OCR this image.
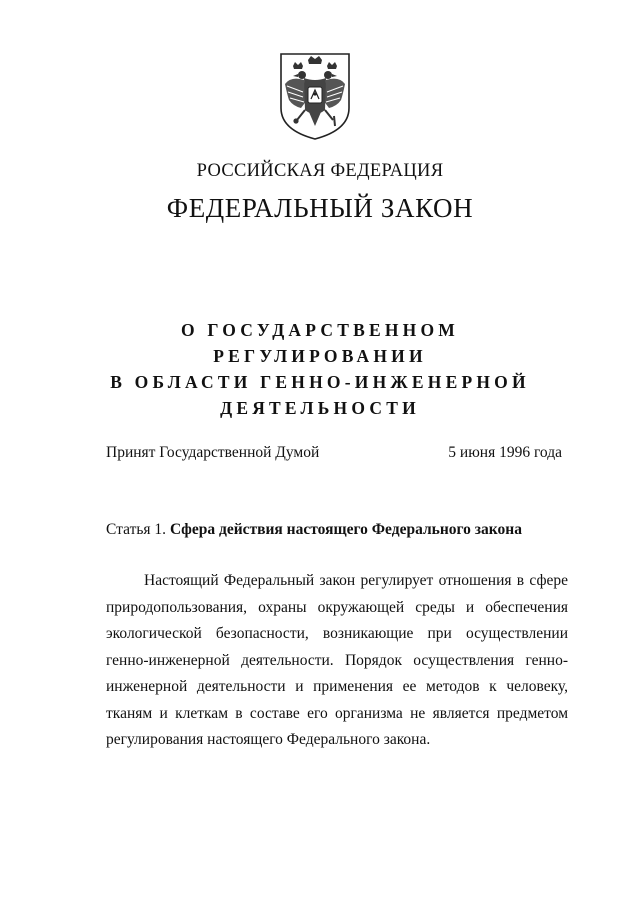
РОССИЙСКАЯ ФЕДЕРАЦИЯ
ФЕДЕРАЛЬНЫЙ ЗАКОН
О ГОСУДАРСТВЕННОМ
РЕГУЛИРОВАНИИ
В ОБЛАСТИ ГЕННО-ИНЖЕНЕРНОЙ
ДЕЯТЕЛЬНОСТИ
Принят Государственной Думой	5 июня 1996 года
Статья 1. Сфера действия настоящего Федерального закона

Настоящий Федеральный закон регулирует отношения в сфере природопользования, охраны окружающей среды и обеспечения экологической безопасности, возникающие при осуществлении генно-инженерной деятельности. Порядок осуществления генно-инженерной деятельности и применения ее методов к человеку, тканям и клеткам в составе его организма не является предметом регулирования настоящего Федерального закона.
